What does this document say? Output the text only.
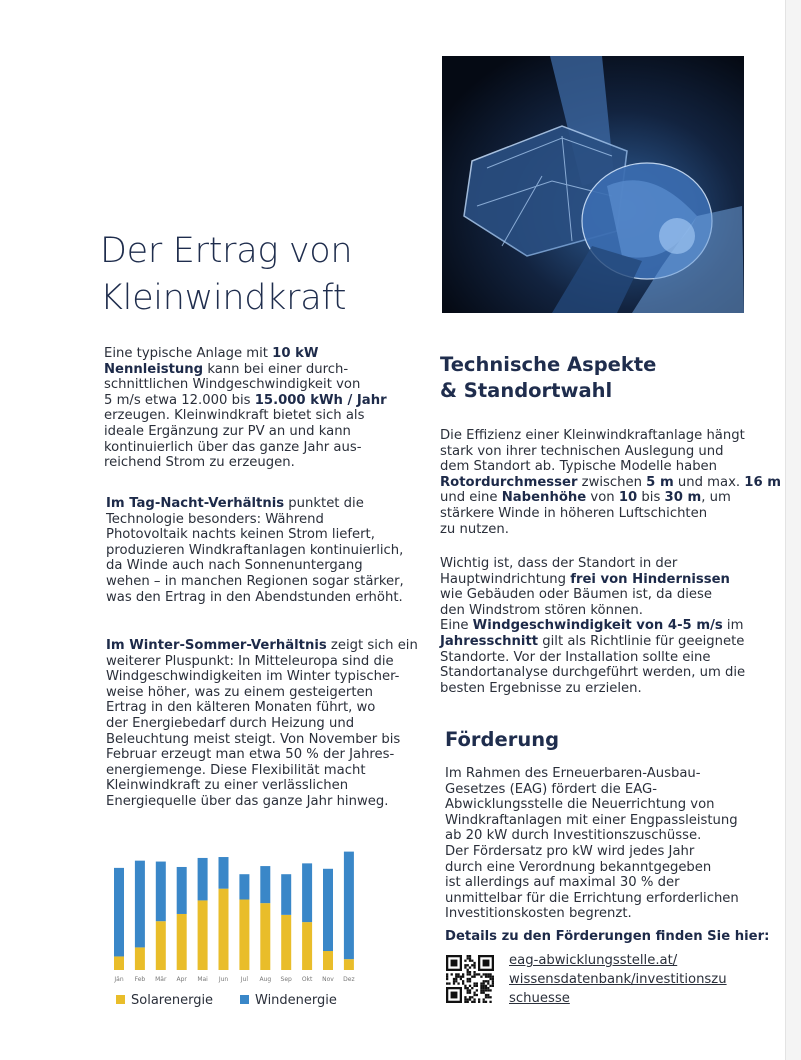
Der Ertrag von
Kleinwindkraft

Eine typische Anlage mit 10 kW
Nennleistung kann bei einer durch-
schnittlichen Windgeschwindigkeit von
5 m/s etwa 12.000 bis 15.000 kWh / Jahr
erzeugen. Kleinwindkraft bietet sich als
ideale Ergänzung zur PV an und kann
kontinuierlich über das ganze Jahr aus-
reichend Strom zu erzeugen.

Im Tag-Nacht-Verhältnis punktet die
Technologie besonders: Während
Photovoltaik nachts keinen Strom liefert,
produzieren Windkraftanlagen kontinuierlich,
da Winde auch nach Sonnenuntergang
wehen – in manchen Regionen sogar stärker,
was den Ertrag in den Abendstunden erhöht.

Im Winter-Sommer-Verhältnis zeigt sich ein
weiterer Pluspunkt: In Mitteleuropa sind die
Windgeschwindigkeiten im Winter typischer-
weise höher, was zu einem gesteigerten
Ertrag in den kälteren Monaten führt, wo
der Energiebedarf durch Heizung und
Beleuchtung meist steigt. Von November bis
Februar erzeugt man etwa 50 % der Jahres-
energiemenge. Diese Flexibilität macht
Kleinwindkraft zu einer verlässlichen
Energiequelle über das ganze Jahr hinweg.

Jän Feb Mär Apr Mai Jun Jul Aug Sep Okt Nov Dez
Solarenergie	Windenergie
Technische Aspekte
& Standortwahl

Die Effizienz einer Kleinwindkraftanlage hängt
stark von ihrer technischen Auslegung und
dem Standort ab. Typische Modelle haben
Rotordurchmesser zwischen 5 m und max. 16 m
und eine Nabenhöhe von 10 bis 30 m, um
stärkere Winde in höheren Luftschichten
zu nutzen.

Wichtig ist, dass der Standort in der
Hauptwindrichtung frei von Hindernissen
wie Gebäuden oder Bäumen ist, da diese
den Windstrom stören können.
Eine Windgeschwindigkeit von 4-5 m/s im
Jahresschnitt gilt als Richtlinie für geeignete
Standorte. Vor der Installation sollte eine
Standortanalyse durchgeführt werden, um die
besten Ergebnisse zu erzielen.

Förderung

Im Rahmen des Erneuerbaren-Ausbau-
Gesetzes (EAG) fördert die EAG-
Abwicklungsstelle die Neuerrichtung von
Windkraftanlagen mit einer Engpassleistung
ab 20 kW durch Investitionszuschüsse.
Der Fördersatz pro kW wird jedes Jahr
durch eine Verordnung bekanntgegeben
ist allerdings auf maximal 30 % der
unmittelbar für die Errichtung erforderlichen
Investitionskosten begrenzt.

Details zu den Förderungen finden Sie hier:

eag-abwicklungsstelle.at/
wissensdatenbank/investitionszu
schuesse
